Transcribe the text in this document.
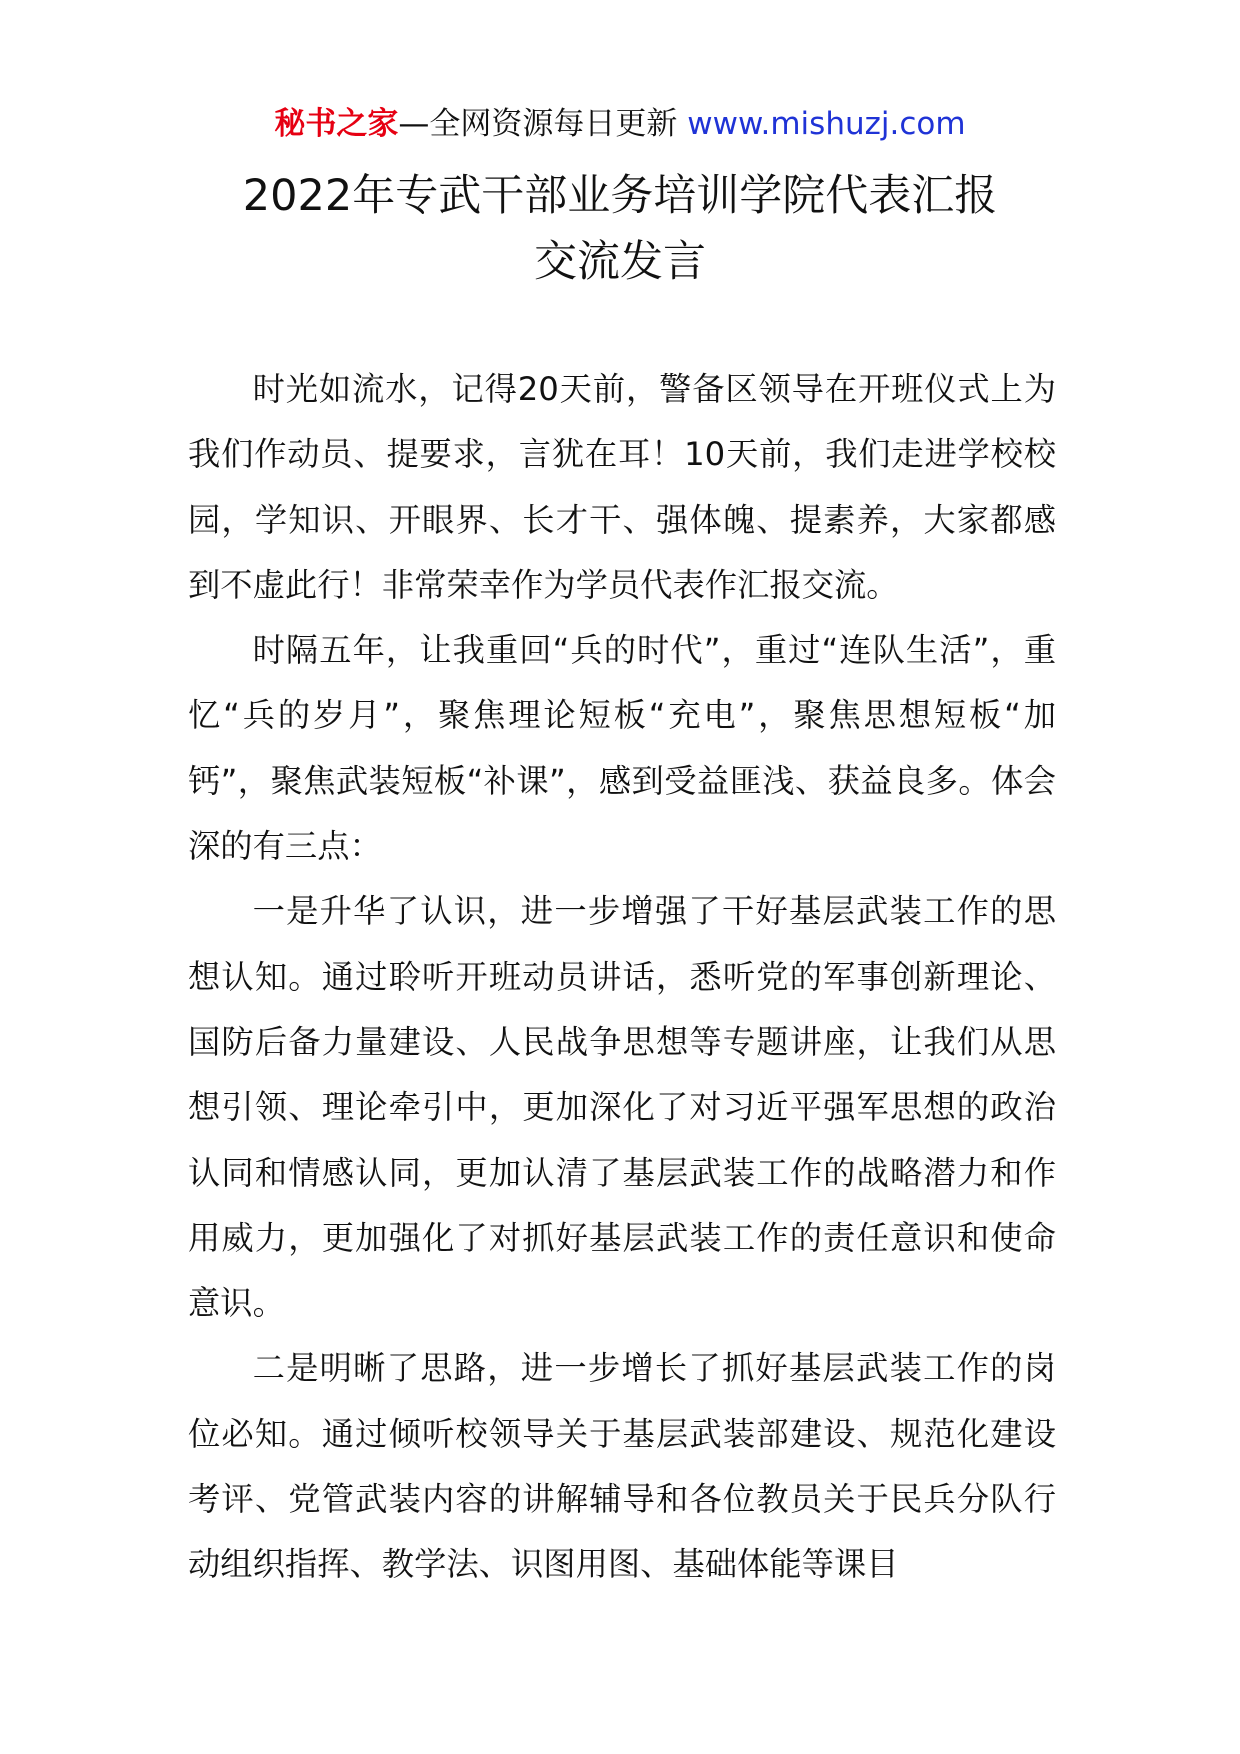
秘书之家—全网资源每日更新 www.mishuzj.com
2022年专武干部业务培训学院代表汇报
交流发言

时光如流水，记得20天前，警备区领导在开班仪式上为我们作动员、提要求，言犹在耳！10天前，我们走进学校校园，学知识、开眼界、长才干、强体魄、提素养，大家都感到不虚此行！非常荣幸作为学员代表作汇报交流。

时隔五年，让我重回“兵的时代”，重过“连队生活”，重忆“兵的岁月”，聚焦理论短板“充电”，聚焦思想短板“加钙”，聚焦武装短板“补课”，感到受益匪浅、获益良多。体会深的有三点：

一是升华了认识，进一步增强了干好基层武装工作的思想认知。通过聆听开班动员讲话，悉听党的军事创新理论、国防后备力量建设、人民战争思想等专题讲座，让我们从思想引领、理论牵引中，更加深化了对习近平强军思想的政治认同和情感认同，更加认清了基层武装工作的战略潜力和作用威力，更加强化了对抓好基层武装工作的责任意识和使命意识。

二是明晰了思路，进一步增长了抓好基层武装工作的岗位必知。通过倾听校领导关于基层武装部建设、规范化建设考评、党管武装内容的讲解辅导和各位教员关于民兵分队行动组织指挥、教学法、识图用图、基础体能等课目
